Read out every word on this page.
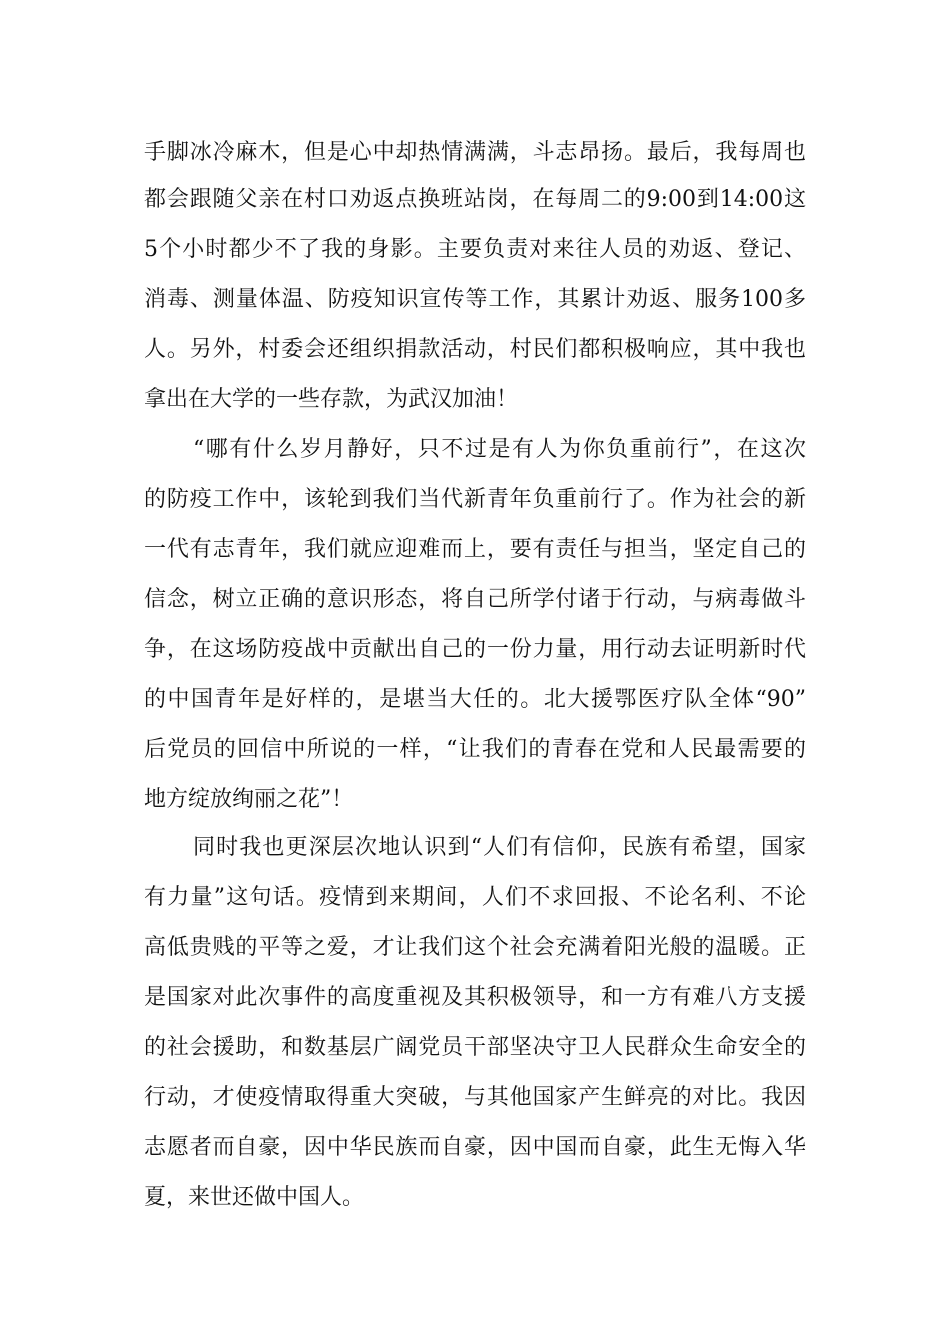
手脚冰冷麻木，但是心中却热情满满，斗志昂扬。最后，我每周也
都会跟随父亲在村口劝返点换班站岗，在每周二的9:00到14:00这
5个小时都少不了我的身影。主要负责对来往人员的劝返、登记、
消毒、测量体温、防疫知识宣传等工作，其累计劝返、服务100多
人。另外，村委会还组织捐款活动，村民们都积极响应，其中我也
拿出在大学的一些存款，为武汉加油！
“哪有什么岁月静好，只不过是有人为你负重前行”，在这次
的防疫工作中，该轮到我们当代新青年负重前行了。作为社会的新
一代有志青年，我们就应迎难而上，要有责任与担当，坚定自己的
信念，树立正确的意识形态，将自己所学付诸于行动，与病毒做斗
争，在这场防疫战中贡献出自己的一份力量，用行动去证明新时代
的中国青年是好样的，是堪当大任的。北大援鄂医疗队全体“90”
后党员的回信中所说的一样，“让我们的青春在党和人民最需要的
地方绽放绚丽之花”！
同时我也更深层次地认识到“人们有信仰，民族有希望，国家
有力量”这句话。疫情到来期间，人们不求回报、不论名利、不论
高低贵贱的平等之爱，才让我们这个社会充满着阳光般的温暖。正
是国家对此次事件的高度重视及其积极领导，和一方有难八方支援
的社会援助，和数基层广阔党员干部坚决守卫人民群众生命安全的
行动，才使疫情取得重大突破，与其他国家产生鲜亮的对比。我因
志愿者而自豪，因中华民族而自豪，因中国而自豪，此生无悔入华
夏，来世还做中国人。
